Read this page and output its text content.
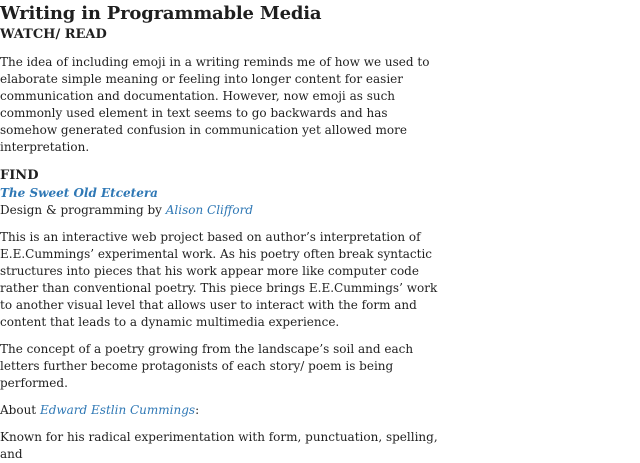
Writing in Programmable Media
WATCH/ READ

The idea of including emoji in a writing reminds me of how we used to elaborate simple meaning or feeling into longer content for easier communication and documentation. However, now emoji as such commonly used element in text seems to go backwards and has somehow generated confusion in communication yet allowed more interpretation.

FIND
The Sweet Old Etcetera

Design & programming by Alison Clifford

This is an interactive web project based on author’s interpretation of E.E.Cummings’ experimental work. As his poetry often break syntactic structures into pieces that his work appear more like computer code rather than conventional poetry. This piece brings E.E.Cummings’ work to another visual level that allows user to interact with the form and content that leads to a dynamic multimedia experience.

The concept of a poetry growing from the landscape’s soil and each letters further become protagonists of each story/ poem is being performed.

About Edward Estlin Cummings:

Known for his radical experimentation with form, punctuation, spelling, and
